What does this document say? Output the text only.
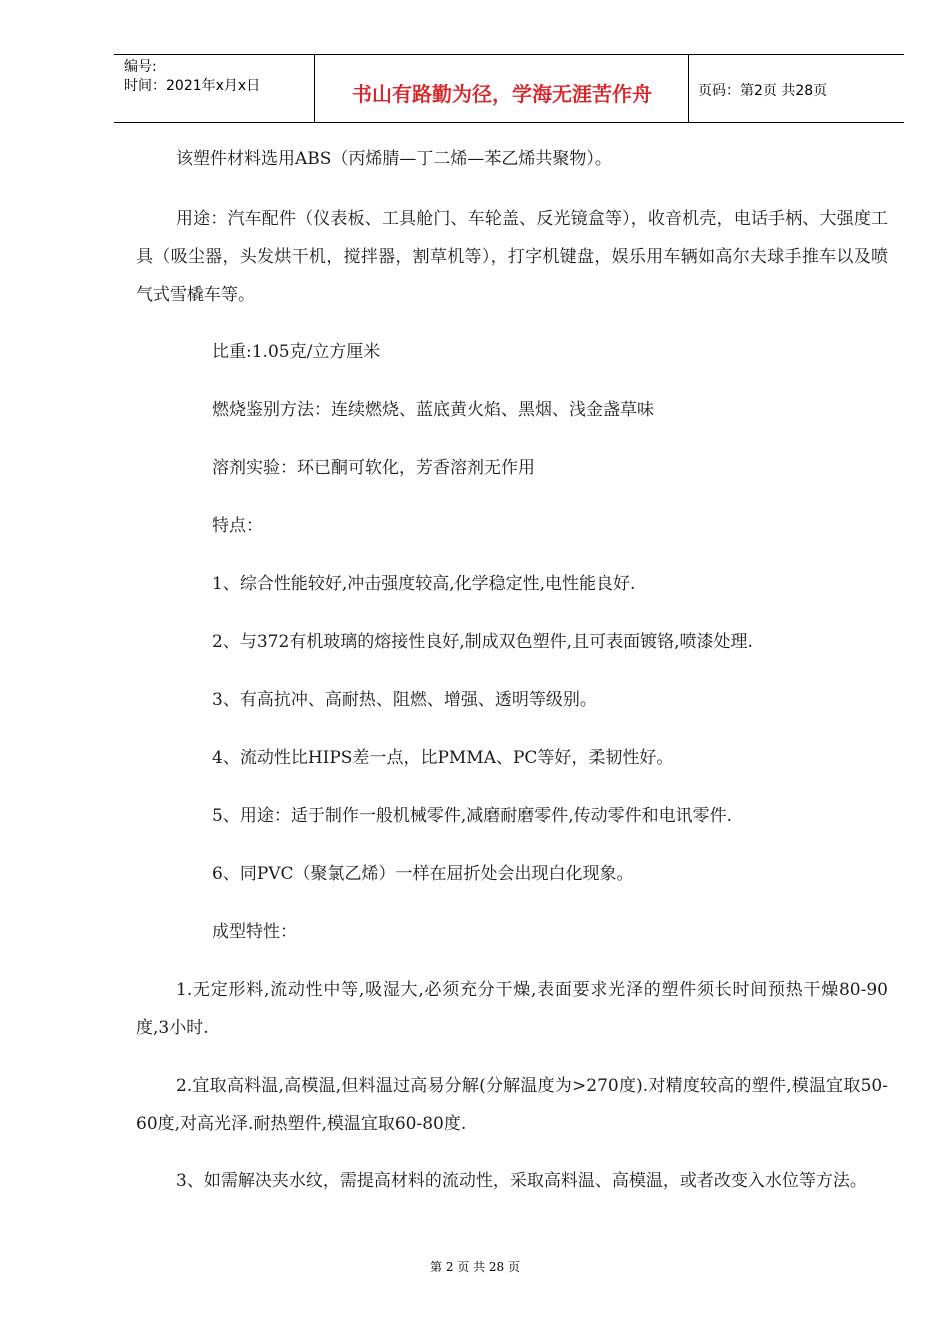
编号:
时间：2021年x月x日	书山有路勤为径，学海无涯苦作舟	页码：第2页 共28页

该塑件材料选用ABS（丙烯腈—丁二烯—苯乙烯共聚物）。

用途：汽车配件（仪表板、工具舱门、车轮盖、反光镜盒等），收音机壳，电话手柄、大强度工具（吸尘器，头发烘干机，搅拌器，割草机等），打字机键盘，娱乐用车辆如高尔夫球手推车以及喷气式雪橇车等。

比重:1.05克/立方厘米

燃烧鉴别方法：连续燃烧、蓝底黄火焰、黑烟、浅金盏草味

溶剂实验：环已酮可软化，芳香溶剂无作用

特点：

1、综合性能较好,冲击强度较高,化学稳定性,电性能良好.

2、与372有机玻璃的熔接性良好,制成双色塑件,且可表面镀铬,喷漆处理.

3、有高抗冲、高耐热、阻燃、增强、透明等级别。

4、流动性比HIPS差一点，比PMMA、PC等好，柔韧性好。

5、用途：适于制作一般机械零件,减磨耐磨零件,传动零件和电讯零件.

6、同PVC（聚氯乙烯）一样在屈折处会出现白化现象。

成型特性：

1.无定形料,流动性中等,吸湿大,必须充分干燥,表面要求光泽的塑件须长时间预热干燥80-90度,3小时.

2.宜取高料温,高模温,但料温过高易分解(分解温度为>270度).对精度较高的塑件,模温宜取50-60度,对高光泽.耐热塑件,模温宜取60-80度.

3、如需解决夹水纹，需提高材料的流动性，采取高料温、高模温，或者改变入水位等方法。

第 2 页 共 28 页
